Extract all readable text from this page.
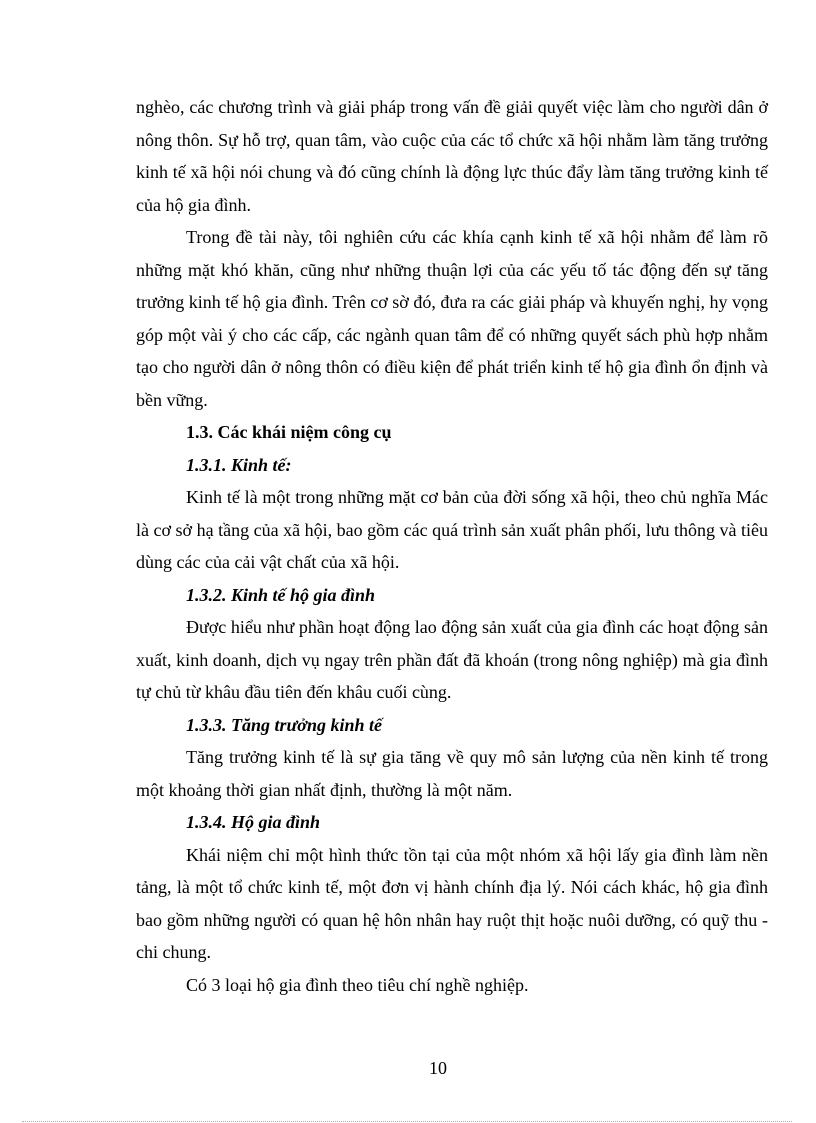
nghèo, các chương trình và giải pháp trong vấn đề giải quyết việc làm cho người dân ở nông thôn. Sự hỗ trợ, quan tâm, vào cuộc của các tổ chức xã hội nhằm làm tăng trưởng kinh tế xã hội nói chung và đó cũng chính là động lực thúc đẩy làm tăng trưởng kinh tế của hộ gia đình.

Trong đề tài này, tôi nghiên cứu các khía cạnh kinh tế xã hội nhằm để làm rõ những mặt khó khăn, cũng như những thuận lợi của các yếu tố tác động đến sự tăng trưởng kinh tế hộ gia đình. Trên cơ sờ đó, đưa ra các giải pháp và khuyến nghị, hy vọng góp một vài ý cho các cấp, các ngành quan tâm để có những quyết sách phù hợp nhằm tạo cho người dân ở nông thôn có điều kiện để phát triển kinh tế hộ gia đình ổn định và bền vững.

1.3. Các khái niệm công cụ

1.3.1. Kinh tế:

Kinh tế là một trong những mặt cơ bản của đời sống xã hội, theo chủ nghĩa Mác là cơ sở hạ tầng của xã hội, bao gồm các quá trình sản xuất phân phối, lưu thông và tiêu dùng các của cải vật chất của xã hội.

1.3.2. Kinh tế hộ gia đình

Được hiểu như phần hoạt động lao động sản xuất của gia đình các hoạt động sản xuất, kinh doanh, dịch vụ ngay trên phần đất đã khoán (trong nông nghiệp) mà gia đình tự chủ từ khâu đầu tiên đến khâu cuối cùng.

1.3.3. Tăng trưởng kinh tế

Tăng trưởng kinh tế là sự gia tăng về quy mô sản lượng của nền kinh tế trong một khoảng thời gian nhất định, thường là một năm.

1.3.4. Hộ gia đình

Khái niệm chỉ một hình thức tồn tại của một nhóm xã hội lấy gia đình làm nền tảng, là một tổ chức kinh tế, một đơn vị hành chính địa lý. Nói cách khác, hộ gia đình bao gồm những người có quan hệ hôn nhân hay ruột thịt hoặc nuôi dưỡng, có quỹ thu - chi chung.

Có 3 loại hộ gia đình theo tiêu chí nghề nghiệp.

10
